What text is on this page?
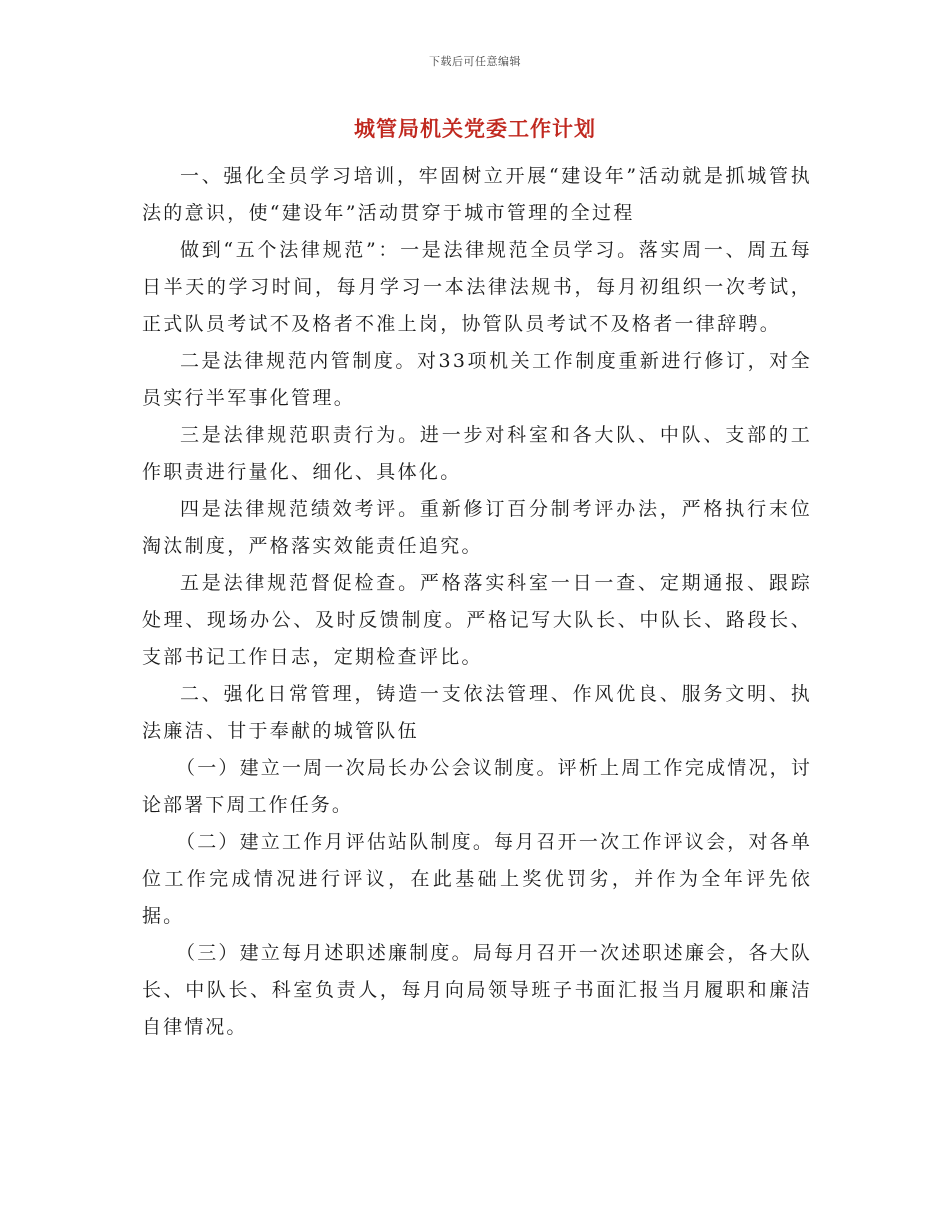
下载后可任意编辑
城管局机关党委工作计划

一、强化全员学习培训，牢固树立开展“建设年”活动就是抓城管执法的意识，使“建设年”活动贯穿于城市管理的全过程

做到“五个法律规范”：一是法律规范全员学习。落实周一、周五每日半天的学习时间，每月学习一本法律法规书，每月初组织一次考试，正式队员考试不及格者不准上岗，协管队员考试不及格者一律辞聘。

二是法律规范内管制度。对33项机关工作制度重新进行修订，对全员实行半军事化管理。

三是法律规范职责行为。进一步对科室和各大队、中队、支部的工作职责进行量化、细化、具体化。

四是法律规范绩效考评。重新修订百分制考评办法，严格执行末位淘汰制度，严格落实效能责任追究。

五是法律规范督促检查。严格落实科室一日一查、定期通报、跟踪处理、现场办公、及时反馈制度。严格记写大队长、中队长、路段长、支部书记工作日志，定期检查评比。

二、强化日常管理，铸造一支依法管理、作风优良、服务文明、执法廉洁、甘于奉献的城管队伍

（一）建立一周一次局长办公会议制度。评析上周工作完成情况，讨论部署下周工作任务。

（二）建立工作月评估站队制度。每月召开一次工作评议会，对各单位工作完成情况进行评议，在此基础上奖优罚劣，并作为全年评先依据。

（三）建立每月述职述廉制度。局每月召开一次述职述廉会，各大队长、中队长、科室负责人，每月向局领导班子书面汇报当月履职和廉洁自律情况。
